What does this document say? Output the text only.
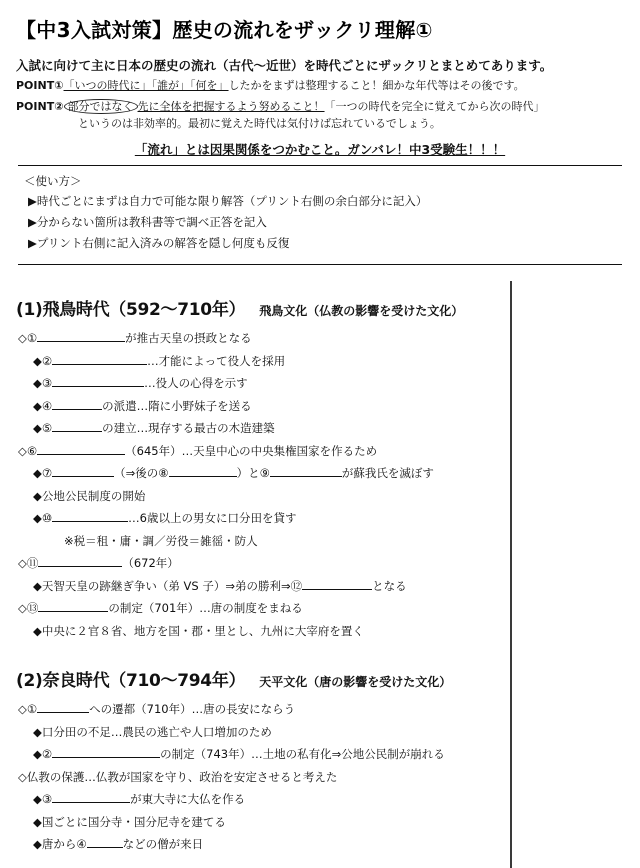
【中3入試対策】歴史の流れをザックリ理解①

入試に向けて主に日本の歴史の流れ（古代～近世）を時代ごとにザックリとまとめてあります。

POINT①「いつの時代に」「誰が」「何を」したかをまずは整理すること！細かな年代等はその後です。
POINT② 部分ではなく 先に全体を把握するよう努めること！「一つの時代を完全に覚えてから次の時代」
というのは非効率的。最初に覚えた時代は気付けば忘れているでしょう。
「流れ」とは因果関係をつかむこと。ガンバレ！中3受験生！！！
＜使い方＞
▶時代ごとにまずは自力で可能な限り解答（プリント右側の余白部分に記入）
▶分からない箇所は教科書等で調べ正答を記入
▶プリント右側に記入済みの解答を隠し何度も反復
(1)飛鳥時代（592～710年） 飛鳥文化（仏教の影響を受けた文化）
◇①	が推古天皇の摂政となる
◆②	…才能によって役人を採用
◆③	…役人の心得を示す
◆④	の派遣…隋に小野妹子を送る
◆⑤	の建立…現存する最古の木造建築
◇⑥	（645年）…天皇中心の中央集権国家を作るため
◆⑦	（⇒後の⑧	）と⑨	が蘇我氏を滅ぼす
◆公地公民制度の開始
◆⑩	…6歳以上の男女に口分田を貸す
※税＝租・庸・調／労役＝雑徭・防人
◇⑪	（672年）
◆天智天皇の跡継ぎ争い（弟 VS 子）⇒弟の勝利⇒⑫	となる
◇⑬	の制定（701年）…唐の制度をまねる
◆中央に２官８省、地方を国・郡・里とし、九州に大宰府を置く
(2)奈良時代（710～794年） 天平文化（唐の影響を受けた文化）
◇①	への遷都（710年）…唐の長安にならう
◆口分田の不足…農民の逃亡や人口増加のため
◆②	の制定（743年）…土地の私有化⇒公地公民制が崩れる
◇仏教の保護…仏教が国家を守り、政治を安定させると考えた
◆③	が東大寺に大仏を作る
◆国ごとに国分寺・国分尼寺を建てる
◆唐から④	などの僧が来日
